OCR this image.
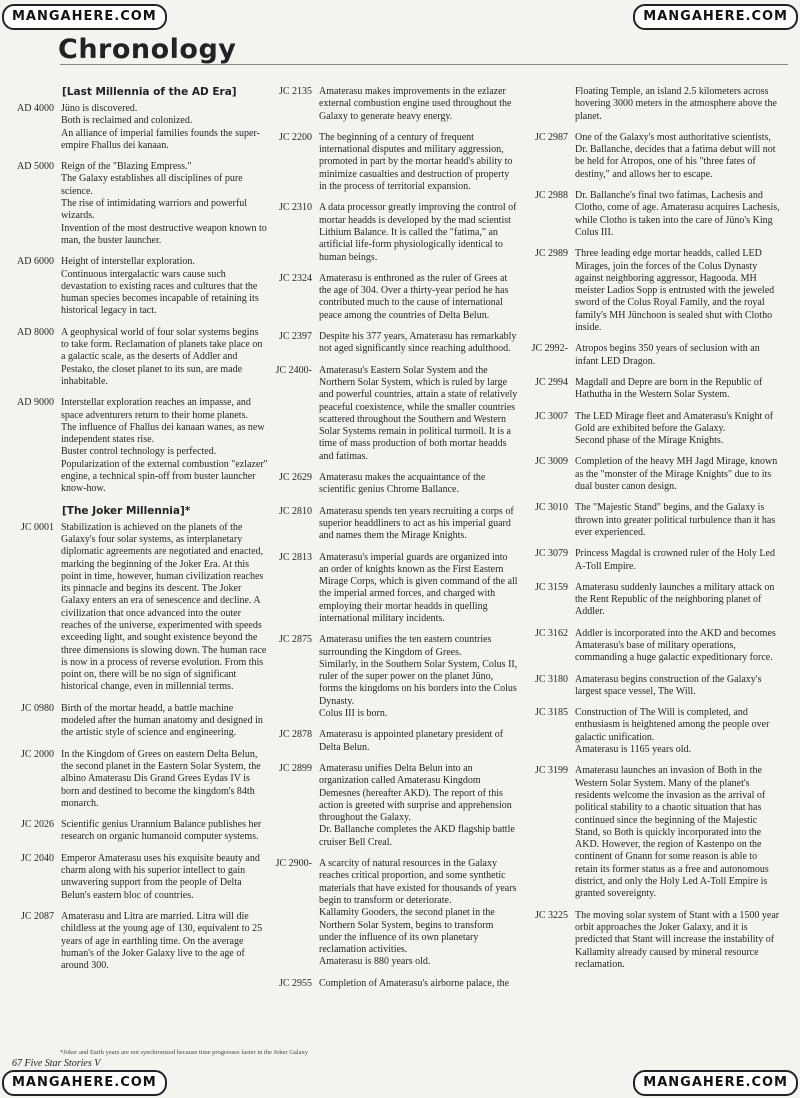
MANGAHERE.COM	MANGAHERE.COM
Chronology
[Last Millennia of the AD Era]
AD 4000 Jüno is discovered.
Both is reclaimed and colonized.
An alliance of imperial families founds the super-empire Fhallus dei kanaan.
AD 5000 Reign of the "Blazing Empress."
The Galaxy establishes all disciplines of pure science.
The rise of intimidating warriors and powerful wizards.
Invention of the most destructive weapon known to man, the buster launcher.
AD 6000 Height of interstellar exploration.
Continuous intergalactic wars cause such devastation to existing races and cultures that the human species becomes incapable of retaining its historical legacy in tact.
AD 8000 A geophysical world of four solar systems begins to take form. Reclamation of planets take place on a galactic scale, as the deserts of Addler and Pestako, the closet planet to its sun, are made inhabitable.
AD 9000 Interstellar exploration reaches an impasse, and space adventurers return to their home planets.
The influence of Fhallus dei kanaan wanes, as new independent states rise.
Buster control technology is perfected.
Popularization of the external combustion "ezlazer" engine, a technical spin-off from buster launcher know-how.
[The Joker Millennia]*
JC 0001 Stabilization is achieved on the planets of the Galaxy's four solar systems, as interplanetary diplomatic agreements are negotiated and enacted, marking the beginning of the Joker Era. At this point in time, however, human civilization reaches its pinnacle and begins its descent. The Joker Galaxy enters an era of senescence and decline. A civilization that once advanced into the outer reaches of the universe, experimented with speeds exceeding light, and sought existence beyond the three dimensions is slowing down. The human race is now in a process of reverse evolution. From this point on, there will be no sign of significant historical change, even in millennial terms.
JC 0980 Birth of the mortar headd, a battle machine modeled after the human anatomy and designed in the artistic style of science and engineering.
JC 2000 In the Kingdom of Grees on eastern Delta Belun, the second planet in the Eastern Solar System, the albino Amaterasu Dis Grand Grees Eydas IV is born and destined to become the kingdom's 84th monarch.
JC 2026 Scientific genius Urannium Balance publishes her research on organic humanoid computer systems.
JC 2040 Emperor Amaterasu uses his exquisite beauty and charm along with his superior intellect to gain unwavering support from the people of Delta Belun's eastern bloc of countries.
JC 2087 Amaterasu and Litra are married. Litra will die childless at the young age of 130, equivalent to 25 years of age in earthling time. On the average human's of the Joker Galaxy live to the age of around 300.
JC 2135 Amaterasu makes improvements in the ezlazer external combustion engine used throughout the Galaxy to generate heavy energy.
JC 2200 The beginning of a century of frequent international disputes and military aggression, promoted in part by the mortar headd's ability to minimize casualties and destruction of property in the process of territorial expansion.
JC 2310 A data processor greatly improving the control of mortar headds is developed by the mad scientist Lithium Balance. It is called the "fatima," an artificial life-form physiologically identical to human beings.
JC 2324 Amaterasu is enthroned as the ruler of Grees at the age of 304. Over a thirty-year period he has contributed much to the cause of international peace among the countries of Delta Belun.
JC 2397 Despite his 377 years, Amaterasu has remarkably not aged significantly since reaching adulthood.
JC 2400- Amaterasu's Eastern Solar System and the Northern Solar System, which is ruled by large and powerful countries, attain a state of relatively peaceful coexistence, while the smaller countries scattered throughout the Southern and Western Solar Systems remain in political turmoil. It is a time of mass production of both mortar headds and fatimas.
JC 2629 Amaterasu makes the acquaintance of the scientific genius Chrome Ballance.
JC 2810 Amaterasu spends ten years recruiting a corps of superior headdliners to act as his imperial guard and names them the Mirage Knights.
JC 2813 Amaterasu's imperial guards are organized into an order of knights known as the First Eastern Mirage Corps, which is given command of the all the imperial armed forces, and charged with employing their mortar headds in quelling international military incidents.
JC 2875 Amaterasu unifies the ten eastern countries surrounding the Kingdom of Grees.
Similarly, in the Southern Solar System, Colus II, ruler of the super power on the planet Jüno, forms the kingdoms on his borders into the Colus Dynasty.
Colus III is born.
JC 2878 Amaterasu is appointed planetary president of Delta Belun.
JC 2899 Amaterasu unifies Delta Belun into an organization called Amaterasu Kingdom Demesnes (hereafter AKD). The report of this action is greeted with surprise and apprehension throughout the Galaxy.
Dr. Ballanche completes the AKD flagship battle cruiser Bell Creal.
JC 2900- A scarcity of natural resources in the Galaxy reaches critical proportion, and some synthetic materials that have existed for thousands of years begin to transform or deteriorate.
Kallamity Gooders, the second planet in the Northern Solar System, begins to transform under the influence of its own planetary reclamation activities.
Amaterasu is 880 years old.
JC 2955 Completion of Amaterasu's airborne palace, the
Floating Temple, an island 2.5 kilometers across hovering 3000 meters in the atmosphere above the planet.
JC 2987 One of the Galaxy's most authoritative scientists, Dr. Ballanche, decides that a fatima debut will not be held for Atropos, one of his "three fates of destiny," and allows her to escape.
JC 2988 Dr. Ballanche's final two fatimas, Lachesis and Clotho, come of age. Amaterasu acquires Lachesis, while Clotho is taken into the care of Jüno's King Colus III.
JC 2989 Three leading edge mortar headds, called LED Mirages, join the forces of the Colus Dynasty against neighboring aggressor, Hagooda. MH meister Ladios Sopp is entrusted with the jeweled sword of the Colus Royal Family, and the royal family's MH Jünchoon is sealed shut with Clotho inside.
JC 2992- Atropos begins 350 years of seclusion with an infant LED Dragon.
JC 2994 Magdall and Depre are born in the Republic of Hathutha in the Western Solar System.
JC 3007 The LED Mirage fleet and Amaterasu's Knight of Gold are exhibited before the Galaxy.
Second phase of the Mirage Knights.
JC 3009 Completion of the heavy MH Jagd Mirage, known as the "monster of the Mirage Knights" due to its dual buster canon design.
JC 3010 The "Majestic Stand" begins, and the Galaxy is thrown into greater political turbulence than it has ever experienced.
JC 3079 Princess Magdal is crowned ruler of the Holy Led A-Toll Empire.
JC 3159 Amaterasu suddenly launches a military attack on the Rent Republic of the neighboring planet of Addler.
JC 3162 Addler is incorporated into the AKD and becomes Amaterasu's base of military operations, commanding a huge galactic expeditionary force.
JC 3180 Amaterasu begins construction of the Galaxy's largest space vessel, The Will.
JC 3185 Construction of The Will is completed, and enthusiasm is heightened among the people over galactic unification.
Amaterasu is 1165 years old.
JC 3199 Amaterasu launches an invasion of Both in the Western Solar System. Many of the planet's residents welcome the invasion as the arrival of political stability to a chaotic situation that has continued since the beginning of the Majestic Stand, so Both is quickly incorporated into the AKD. However, the region of Kastenpo on the continent of Gnann for some reason is able to retain its former status as a free and autonomous district, and only the Holy Led A-Toll Empire is granted sovereignty.
JC 3225 The moving solar system of Stant with a 1500 year orbit approaches the Joker Galaxy, and it is predicted that Stant will increase the instability of Kallamity already caused by mineral resource reclamation.
*Joker and Earth years are not synchronized because time progresses faster in the Joker Galaxy
67 Five Star Stories V
MANGAHERE.COM	MANGAHERE.COM
